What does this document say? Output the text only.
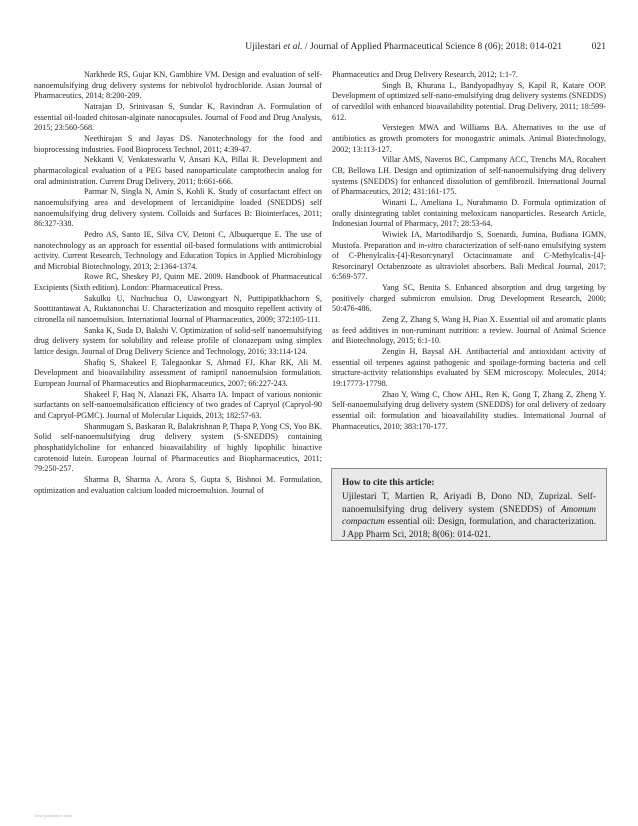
Ujilestari et al. / Journal of Applied Pharmaceutical Science 8 (06); 2018: 014-021	021

Narkhede RS, Gujar KN, Gambhire VM. Design and evaluation of self-nanoemulsifying drug delivery systems for nebivolol hydrochloride. Asian Journal of Pharmaceutics, 2014; 8:200-209.

Natrajan D, Srinivasan S, Sundar K, Ravindran A. Formulation of essential oil-loaded chitosan-alginate nanocapsules. Journal of Food and Drug Analysis, 2015; 23:560-568.

Neethirajan S and Jayas DS. Nanotechnology for the food and bioprocessing industries. Food Bioprocess Technol, 2011; 4:39-47.

Nekkanti V, Venkateswarlu V, Ansari KA, Pillai R. Development and pharmacological evaluation of a PEG based nanoparticulate camptothecin analog for oral administration. Current Drug Delivery, 2011; 8:661-666.

Parmar N, Singla N, Amin S, Kohli K. Study of cosurfactant effect on nanoemulsifying area and development of lercanidipine loaded (SNEDDS) self nanoemulsifying drug delivery system. Colloids and Surfaces B: Biointerfaces, 2011; 86:327-338.

Pedro AS, Santo IE, Silva CV, Detoni C, Albuquerque E. The use of nanotechnology as an approach for essential oil-based formulations with antimicrobial activity. Current Research, Technology and Education Topics in Applied Microbiology and Microbial Biotechnology, 2013; 2:1364-1374.

Rowe RC, Sheskey PJ, Quinn ME. 2009. Handbook of Pharmaceutical Excipients (Sixth edition). London: Pharmaceutical Press.

Sakulku U, Nuchuchua O, Uawongyart N, Puttipipatkhachorn S, Soottitantawat A, Ruktanonchai U. Characterization and mosquito repellent activity of citronella oil nanoemulsion. International Journal of Pharmaceutics, 2009; 372:105-111.

Sanka K, Suda D, Bakshi V. Optimization of solid-self nanoemulsifying drug delivery system for solubility and release profile of clonazepam using simplex lattice design. Journal of Drug Delivery Science and Technology, 2016; 33:114-124.

Shafiq S, Shakeel F, Talegaonkar S, Ahmad FJ, Khar RK, Ali M. Development and bioavailability assessment of ramipril nanoemulsion formulation. European Journal of Pharmaceutics and Biopharmaceutics, 2007; 66:227-243.

Shakeel F, Haq N, Alanazi FK, Alsarra IA. Impact of various nonionic surfactants on self-nanoemulsification efficiency of two grades of Capryol (Capryol-90 and Capryol-PGMC). Journal of Molecular Liquids, 2013; 182:57-63.

Shanmugam S, Baskaran R, Balakrishnan P, Thapa P, Yong CS, Yoo BK. Solid self-nanoemulsifying drug delivery system (S-SNEDDS) containing phosphatidylcholine for enhanced bioavailability of highly lipophilic bioactive carotenoid lutein. European Journal of Pharmaceutics and Biopharmaceutics, 2011; 79:250-257.

Sharma B, Sharma A, Arora S, Gupta S, Bishnoi M. Formulation, optimization and evaluation calcium loaded microemulsion. Journal of

Pharmaceutics and Drug Delivery Research, 2012; 1:1-7.

Singh B, Khurana L, Bandyopadhyay S, Kapil R, Katare OOP. Development of optimized self-nano-emulsifying drug delivery systems (SNEDDS) of carvedilol with enhanced bioavailability potential. Drug Delivery, 2011; 18:599-612.

Verstegen MWA and Williams BA. Alternatives to the use of antibiotics as growth promoters for monogastric animals. Animal Biotechnology, 2002; 13:113-127.

Villar AMS, Naveros BC, Campmany ACC, Trenchs MA, Rocabert CB, Bellowa LH. Design and optimization of self-nanoemulsifying drug delivery systems (SNEDDS) for enhanced dissolution of gemfibrozil. International Journal of Pharmaceutics, 2012; 431:161-175.

Winarti L, Ameliana L, Nurahmanto D. Formula optimization of orally disintegrating tablet containing meloxicam nanoparticles. Research Article, Indonesian Journal of Pharmacy, 2017; 28:53-64.

Wiwiek IA, Martodihardjo S, Soenardi, Jumina, Budiana IGMN, Mustofa. Preparation and in-vitro characterization of self-nano emulsifying system of C-Phenylcalix-[4]-Resorcynaryl Octacinnamate and C-Methylcalix-[4]-Resorcinaryl Octabenzoate as ultraviolet absorbers. Bali Medical Journal, 2017; 6:569-577.

Yang SC, Benita S. Enhanced absorption and drug targeting by positively charged submicron emulsion. Drug Development Research, 2000; 50:476-486.

Zeng Z, Zhang S, Wang H, Piao X. Essential oil and aromatic plants as feed additives in non-ruminant nutrition: a review. Journal of Animal Science and Biotechnology, 2015; 6:1-10.

Zengin H, Baysal AH. Antibacterial and antioxidant activity of essential oil terpenes against pathogenic and spoilage-forming bacteria and cell structure-activity relationships evaluated by SEM microscopy. Molecules, 2014; 19:17773-17798.

Zhao Y, Wang C, Chow AHL, Ren K, Gong T, Zhang Z, Zheng Y. Self-nanoemulsifying drug delivery system (SNEDDS) for oral delivery of zedoary essential oil: formulation and bioavailability studies. International Journal of Pharmaceutics, 2010; 383:170-177.

How to cite this article:
Ujilestari T, Martien R, Ariyadi B, Dono ND, Zuprizal. Self-nanoemulsifying drug delivery system (SNEDDS) of Amomum compactum essential oil: Design, formulation, and characterization. J App Pharm Sci, 2018; 8(06): 014-021.
View publication stats
